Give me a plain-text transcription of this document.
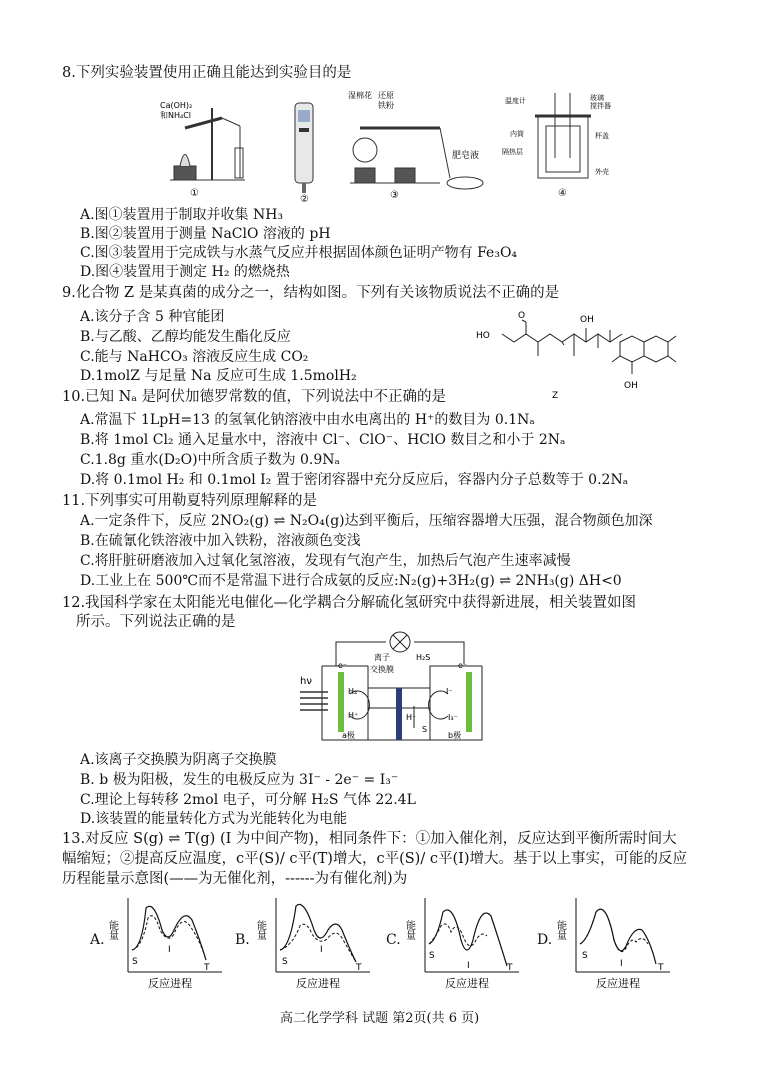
8.下列实验装置使用正确且能达到实验目的是
Ca(OH)₂
和NH₄Cl
①
②
湿棉花 还原
铁粉
肥皂液
③
温度计	玻璃
搅拌器
内筒	杯盖
隔热层
外壳
④
A.图①装置用于制取并收集 NH₃
B.图②装置用于测量 NaClO 溶液的 pH
C.图③装置用于完成铁与水蒸气反应并根据固体颜色证明产物有 Fe₃O₄
D.图④装置用于测定 H₂ 的燃烧热
9.化合物 Z 是某真菌的成分之一，结构如图。下列有关该物质说法不正确的是
A.该分子含 5 种官能团
B.与乙酸、乙醇均能发生酯化反应
C.能与 NaHCO₃ 溶液反应生成 CO₂
D.1molZ 与足量 Na 反应可生成 1.5molH₂
HO
O	OH
OH
Z
10.已知 Nₐ 是阿伏加德罗常数的值，下列说法中不正确的是
A.常温下 1LpH=13 的氢氧化钠溶液中由水电离出的 H⁺的数目为 0.1Nₐ
B.将 1mol Cl₂ 通入足量水中，溶液中 Cl⁻、ClO⁻、HClO 数目之和小于 2Nₐ
C.1.8g 重水(D₂O)中所含质子数为 0.9Nₐ
D.将 0.1mol H₂ 和 0.1mol I₂ 置于密闭容器中充分反应后，容器内分子总数等于 0.2Nₐ
11.下列事实可用勒夏特列原理解释的是
A.一定条件下，反应 2NO₂(g) ⇌ N₂O₄(g)达到平衡后，压缩容器增大压强，混合物颜色加深
B.在硫氰化铁溶液中加入铁粉，溶液颜色变浅
C.将肝脏研磨液加入过氧化氢溶液，发现有气泡产生，加热后气泡产生速率减慢
D.工业上在 500℃而不是常温下进行合成氨的反应:N₂(g)+3H₂(g) ⇌ 2NH₃(g) ΔH<0
12.我国科学家在太阳能光电催化—化学耦合分解硫化氢研究中获得新进展，相关装置如图
所示。下列说法正确的是
hν
e⁻
H₂
H⁺
离子
交换膜
H₂S
H⁺
S
e⁻
I⁻
I₃⁻
a极	b极
A.该离子交换膜为阴离子交换膜
B. b 极为阳极，发生的电极反应为 3I⁻ - 2e⁻ = I₃⁻
C.理论上每转移 2mol 电子，可分解 H₂S 气体 22.4L
D.该装置的能量转化方式为光能转化为电能
13.对反应 S(g) ⇌ T(g) (I 为中间产物)，相同条件下：①加入催化剂，反应达到平衡所需时间大
幅缩短；②提高反应温度，c平(S)/ c平(T)增大，c平(S)/ c平(I)增大。基于以上事实，可能的反应
历程能量示意图(——为无催化剂，------为有催化剂)为
A. 能量
S
I
T
反应进程
B. 能量
S
I
T
反应进程
C. 能量
S
I	T
反应进程
D. 能量
S
I	T
反应进程
高二化学学科 试题 第2页(共 6 页)
